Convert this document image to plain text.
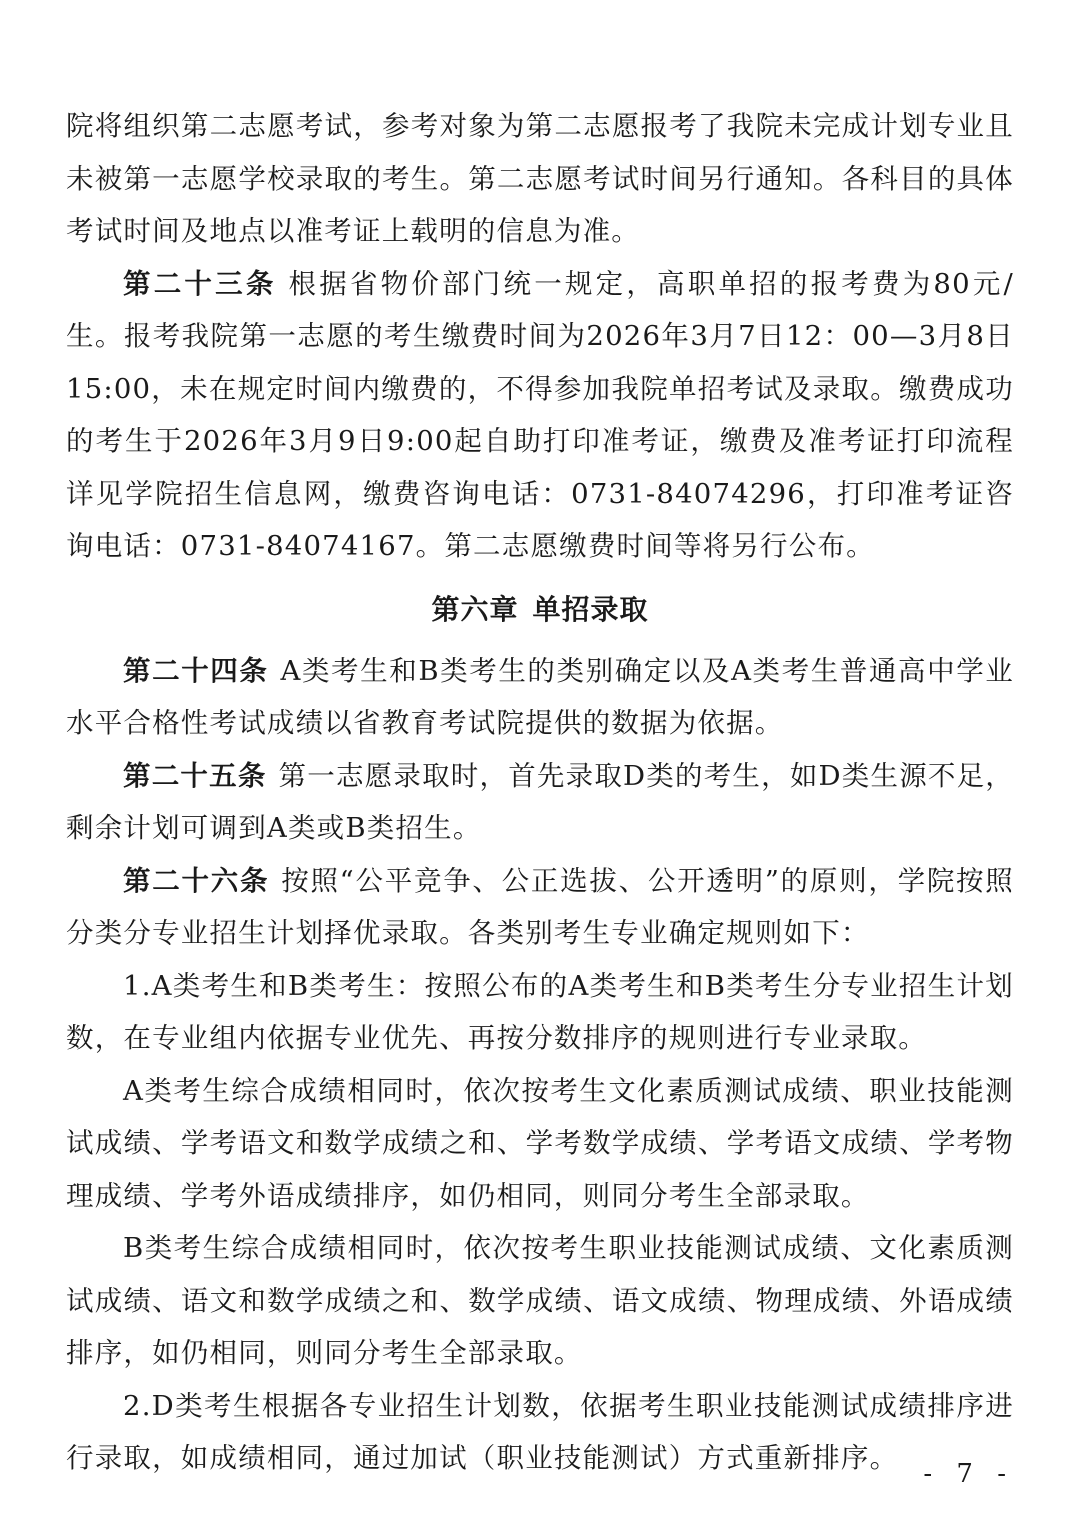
院将组织第二志愿考试，参考对象为第二志愿报考了我院未完成计划专业且未被第一志愿学校录取的考生。第二志愿考试时间另行通知。各科目的具体考试时间及地点以准考证上载明的信息为准。

第二十三条 根据省物价部门统一规定，高职单招的报考费为80元/生。报考我院第一志愿的考生缴费时间为2026年3月7日12：00—3月8日15:00，未在规定时间内缴费的，不得参加我院单招考试及录取。缴费成功的考生于2026年3月9日9:00起自助打印准考证，缴费及准考证打印流程详见学院招生信息网，缴费咨询电话：0731-84074296，打印准考证咨询电话：0731-84074167。第二志愿缴费时间等将另行公布。

第六章 单招录取

第二十四条 A类考生和B类考生的类别确定以及A类考生普通高中学业水平合格性考试成绩以省教育考试院提供的数据为依据。

第二十五条 第一志愿录取时，首先录取D类的考生，如D类生源不足，剩余计划可调到A类或B类招生。

第二十六条 按照“公平竞争、公正选拔、公开透明”的原则，学院按照分类分专业招生计划择优录取。各类别考生专业确定规则如下：

1.A类考生和B类考生：按照公布的A类考生和B类考生分专业招生计划数，在专业组内依据专业优先、再按分数排序的规则进行专业录取。

A类考生综合成绩相同时，依次按考生文化素质测试成绩、职业技能测试成绩、学考语文和数学成绩之和、学考数学成绩、学考语文成绩、学考物理成绩、学考外语成绩排序，如仍相同，则同分考生全部录取。

B类考生综合成绩相同时，依次按考生职业技能测试成绩、文化素质测试成绩、语文和数学成绩之和、数学成绩、语文成绩、物理成绩、外语成绩排序，如仍相同，则同分考生全部录取。

2.D类考生根据各专业招生计划数，依据考生职业技能测试成绩排序进行录取，如成绩相同，通过加试（职业技能测试）方式重新排序。 - 7 -
